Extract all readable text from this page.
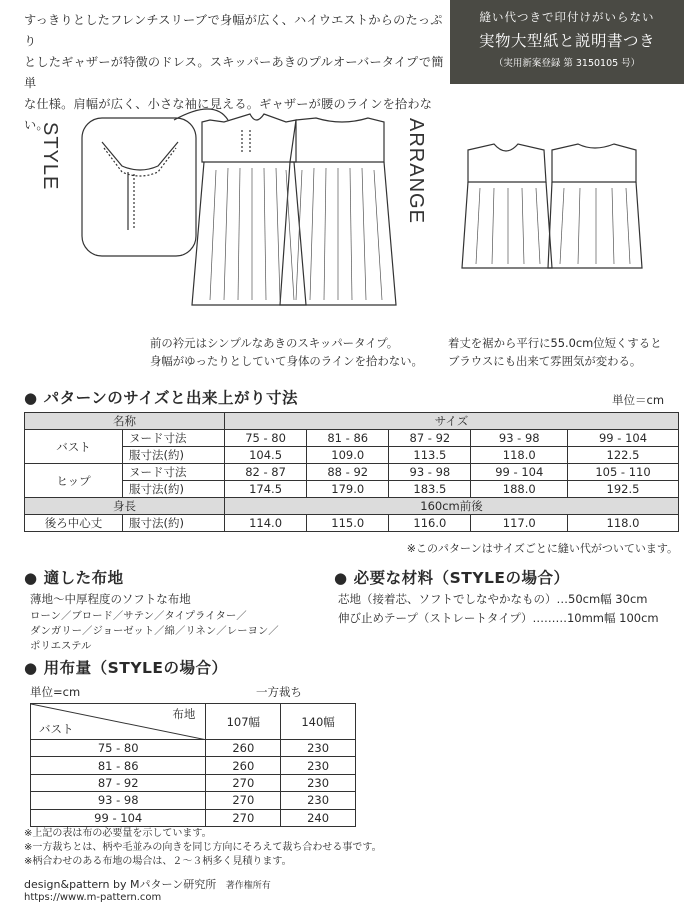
すっきりとしたフレンチスリーブで身幅が広く、ハイウエストからのたっぷり
としたギャザーが特徴のドレス。スキッパーあきのプルオーバータイプで簡単
な仕様。肩幅が広く、小さな袖に見える。ギャザーが腰のラインを拾わない。
縫い代つきで印付けがいらない
実物大型紙と説明書つき
（実用新案登録 第 3150105 号）
STYLE	ARRANGE
前の衿元はシンプルなあきのスキッパータイプ。
身幅がゆったりとしていて身体のラインを拾わない。
着丈を裾から平行に55.0cm位短くすると
ブラウスにも出来て雰囲気が変わる。
● パターンのサイズと出来上がり寸法	単位＝cm
名称		サイズ				
バスト	ヌード寸法	75 - 80	81 - 86	87 - 92	93 - 98	99 - 104
	服寸法(約)	104.5	109.0	113.5	118.0	122.5
ヒップ	ヌード寸法	82 - 87	88 - 92	93 - 98	99 - 104	105 - 110
	服寸法(約)	174.5	179.0	183.5	188.0	192.5
身長		160cm前後				
後ろ中心丈	服寸法(約)	114.0	115.0	116.0	117.0	118.0
※このパターンはサイズごとに縫い代がついています。
● 適した布地
薄地～中厚程度のソフトな布地
ローン／ブロード／サテン／タイプライター／
ダンガリー／ジョーゼット／綿／リネン／レーヨン／
ポリエステル
● 必要な材料（STYLEの場合）
芯地（接着芯、ソフトでしなやかなもの）…50cm幅 30cm
伸び止めテープ（ストレートタイプ）………10mm幅 100cm
● 用布量（STYLEの場合）
単位=cm	一方裁ち
布地
バスト	107幅	140幅
75 - 80	260	230
81 - 86	260	230
87 - 92	270	230
93 - 98	270	230
99 - 104	270	240
※上記の表は布の必要量を示しています。
※一方裁ちとは、柄や毛並みの向きを同じ方向にそろえて裁ち合わせる事です。
※柄合わせのある布地の場合は、２～３柄多く見積ります。
design&pattern by Mパターン研究所 著作権所有
https://www.m-pattern.com
